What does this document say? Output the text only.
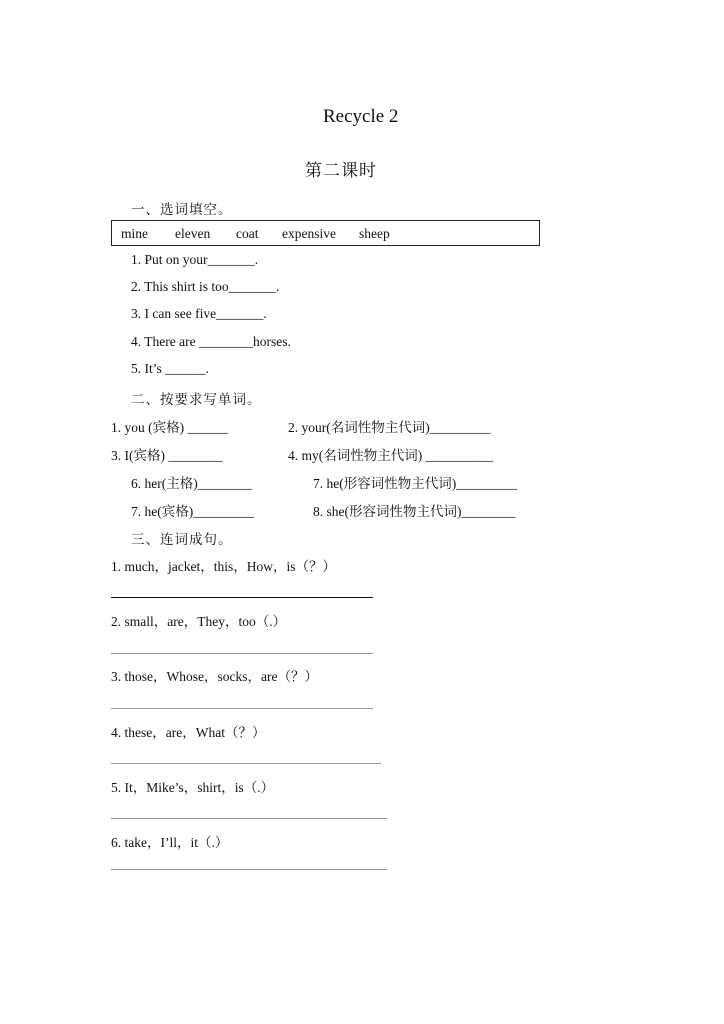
Recycle 2
第二课时
一、选词填空。
mine eleven coat expensive sheep
1. Put on your_______.
2. This shirt is too_______.
3. I can see five_______.
4. There are ________horses.
5. It’s ______.
二、按要求写单词。
1. you (宾格) ______	2. your(名词性物主代词)_________
3. I(宾格) ________	4. my(名词性物主代词) __________
6. her(主格)________	7. he(形容词性物主代词)_________
7. he(宾格)_________	8. she(形容词性物主代词)________
三、连词成句。
1. much，jacket，this，How，is（？）
2. small，are，They，too（.）
3. those，Whose，socks，are（？）
4. these，are，What（？）
5. It，Mike’s，shirt，is（.）
6. take，I’ll，it（.）
